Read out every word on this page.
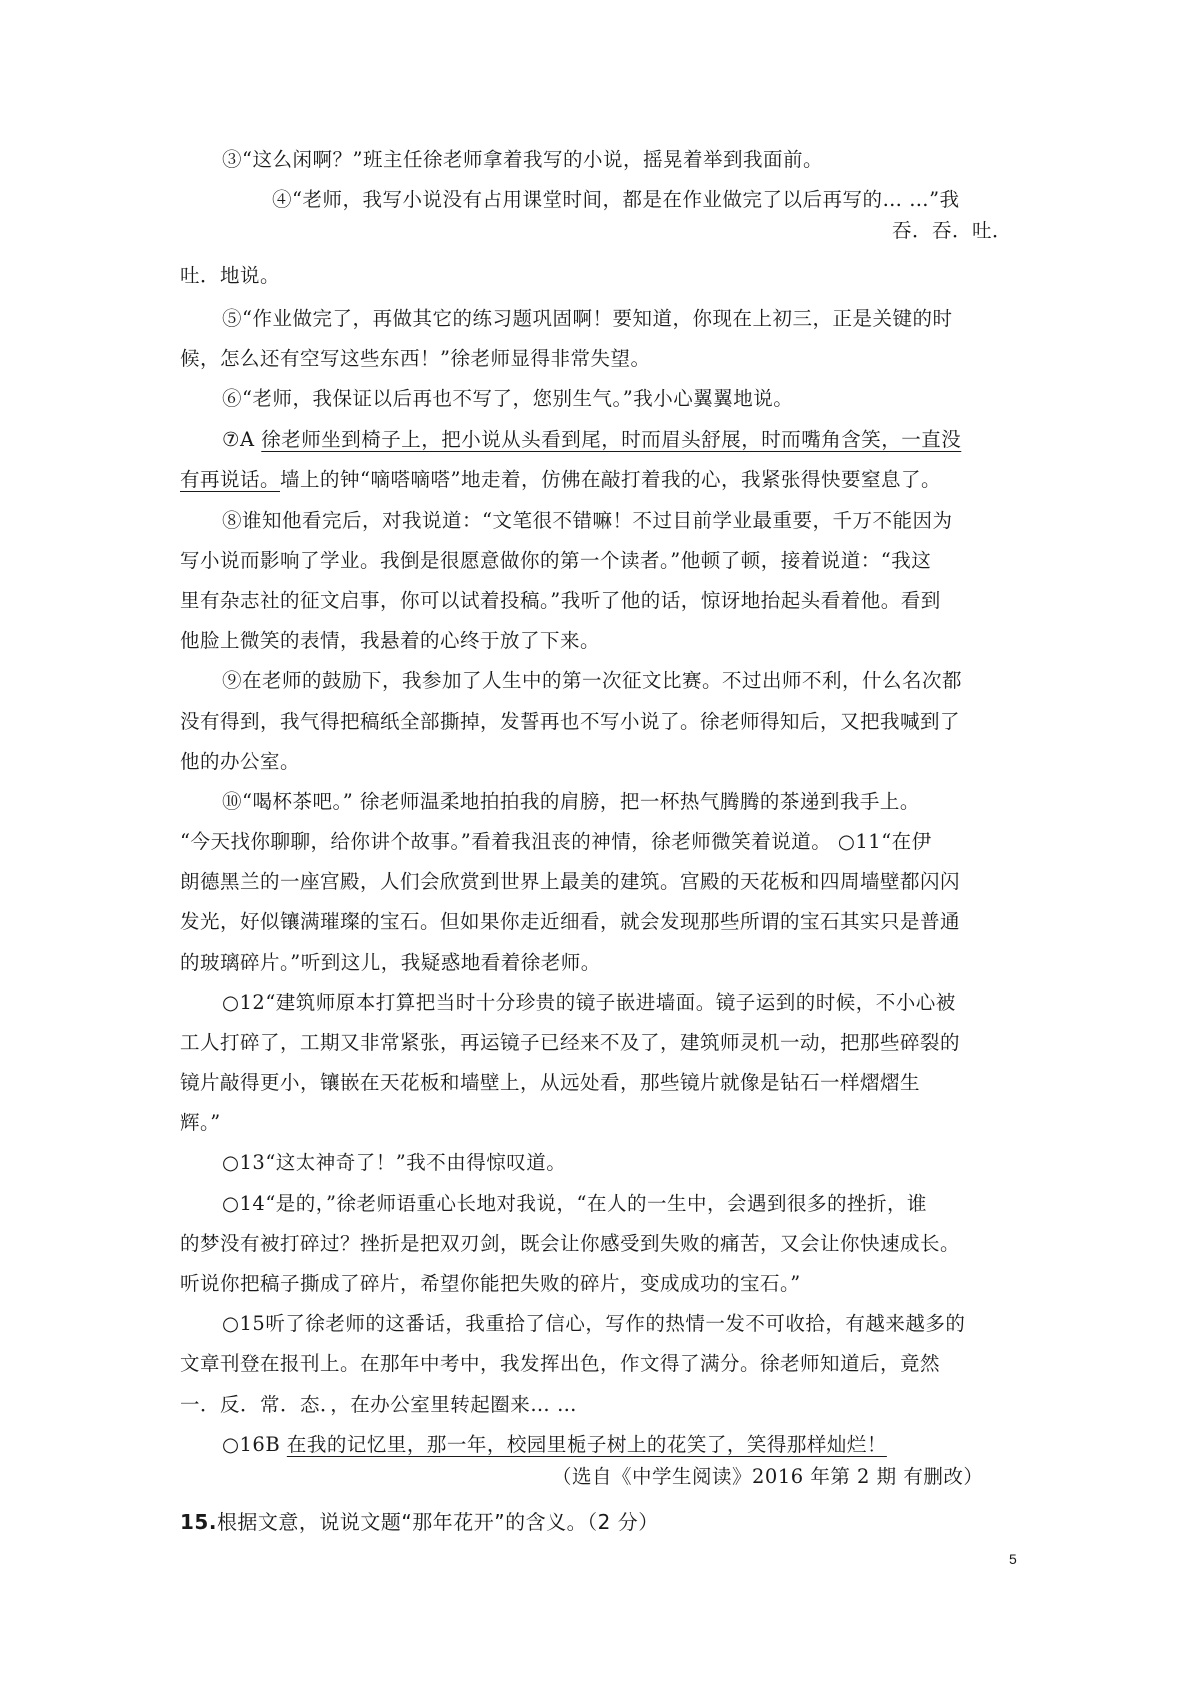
③“这么闲啊？”班主任徐老师拿着我写的小说，摇晃着举到我面前。
④“老师，我写小说没有占用课堂时间，都是在作业做完了以后再写的… …”我
吞．吞．吐．
吐．地说。
⑤“作业做完了，再做其它的练习题巩固啊！要知道，你现在上初三，正是关键的时
候，怎么还有空写这些东西！”徐老师显得非常失望。
⑥“老师，我保证以后再也不写了，您别生气。”我小心翼翼地说。
⑦A 徐老师坐到椅子上，把小说从头看到尾，时而眉头舒展，时而嘴角含笑，一直没
有再说话。墙上的钟“嘀嗒嘀嗒”地走着，仿佛在敲打着我的心，我紧张得快要窒息了。
⑧谁知他看完后，对我说道：“文笔很不错嘛！不过目前学业最重要，千万不能因为
写小说而影响了学业。我倒是很愿意做你的第一个读者。”他顿了顿，接着说道：“我这
里有杂志社的征文启事，你可以试着投稿。”我听了他的话，惊讶地抬起头看着他。看到
他脸上微笑的表情，我悬着的心终于放了下来。
⑨在老师的鼓励下，我参加了人生中的第一次征文比赛。不过出师不利，什么名次都
没有得到，我气得把稿纸全部撕掉，发誓再也不写小说了。徐老师得知后，又把我喊到了
他的办公室。
⑩“喝杯茶吧。” 徐老师温柔地拍拍我的肩膀，把一杯热气腾腾的茶递到我手上。
“今天找你聊聊，给你讲个故事。”看着我沮丧的神情，徐老师微笑着说道。 ○11“在伊
朗德黑兰的一座宫殿，人们会欣赏到世界上最美的建筑。宫殿的天花板和四周墙壁都闪闪
发光，好似镶满璀璨的宝石。但如果你走近细看，就会发现那些所谓的宝石其实只是普通
的玻璃碎片。”听到这儿，我疑惑地看着徐老师。
○12“建筑师原本打算把当时十分珍贵的镜子嵌进墙面。镜子运到的时候，不小心被
工人打碎了，工期又非常紧张，再运镜子已经来不及了，建筑师灵机一动，把那些碎裂的
镜片敲得更小，镶嵌在天花板和墙壁上，从远处看，那些镜片就像是钻石一样熠熠生
辉。”
○13“这太神奇了！”我不由得惊叹道。
○14“是的，”徐老师语重心长地对我说，“在人的一生中，会遇到很多的挫折，谁
的梦没有被打碎过？挫折是把双刃剑，既会让你感受到失败的痛苦，又会让你快速成长。
听说你把稿子撕成了碎片，希望你能把失败的碎片，变成成功的宝石。”
○15听了徐老师的这番话，我重拾了信心，写作的热情一发不可收拾，有越来越多的
文章刊登在报刊上。在那年中考中，我发挥出色，作文得了满分。徐老师知道后，竟然
一．反．常．态．，在办公室里转起圈来… …
○16B 在我的记忆里，那一年，校园里栀子树上的花笑了，笑得那样灿烂！
（选自《中学生阅读》2016 年第 2 期 有删改）
15.根据文意，说说文题“那年花开”的含义。（2 分）
5
